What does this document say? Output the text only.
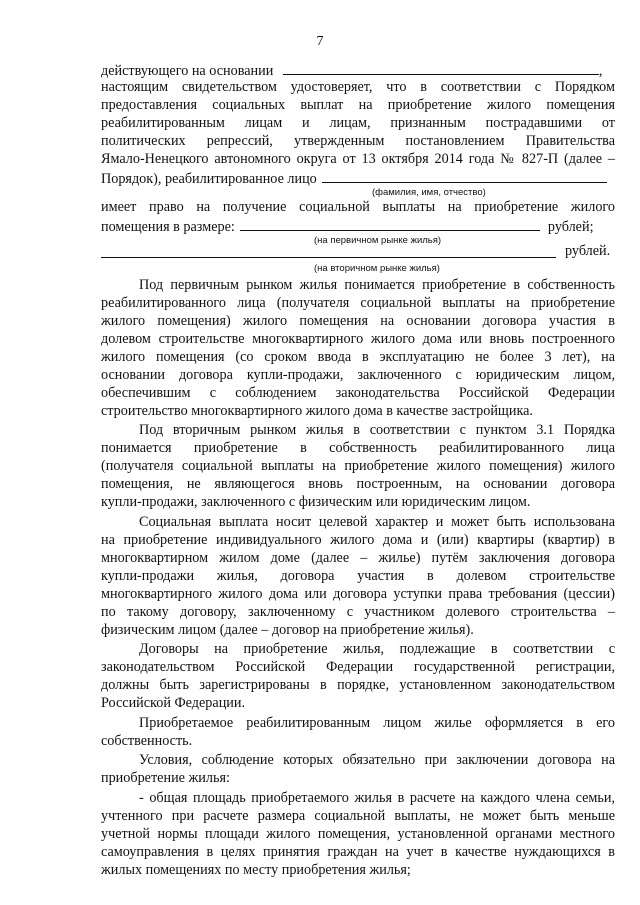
7
действующего на основании	,
настоящим свидетельством удостоверяет, что в соответствии с Порядком
предоставления социальных выплат на приобретение жилого помещения
реабилитированным лицам и лицам, признанным пострадавшими от
политических репрессий, утвержденным постановлением Правительства
Ямало-Ненецкого автономного округа от 13 октября 2014 года № 827-П (далее –
Порядок), реабилитированное лицо
(фамилия, имя, отчество)
имеет право на получение социальной выплаты на приобретение жилого
помещения в размере:	рублей;
(на первичном рынке жилья)
рублей.
(на вторичном рынке жилья)
Под первичным рынком жилья понимается приобретение в собственность
реабилитированного лица (получателя социальной выплаты на приобретение
жилого помещения) жилого помещения на основании договора участия в
долевом строительстве многоквартирного жилого дома или вновь построенного
жилого помещения (со сроком ввода в эксплуатацию не более 3 лет), на
основании договора купли-продажи, заключенного с юридическим лицом,
обеспечившим с соблюдением законодательства Российской Федерации
строительство многоквартирного жилого дома в качестве застройщика.
Под вторичным рынком жилья в соответствии с пунктом 3.1 Порядка
понимается приобретение в собственность реабилитированного лица
(получателя социальной выплаты на приобретение жилого помещения) жилого
помещения, не являющегося вновь построенным, на основании договора
купли-продажи, заключенного с физическим или юридическим лицом.
Социальная выплата носит целевой характер и может быть использована
на приобретение индивидуального жилого дома и (или) квартиры (квартир) в
многоквартирном жилом доме (далее – жилье) путём заключения договора
купли-продажи жилья, договора участия в долевом строительстве
многоквартирного жилого дома или договора уступки права требования (цессии)
по такому договору, заключенному с участником долевого строительства –
физическим лицом (далее – договор на приобретение жилья).
Договоры на приобретение жилья, подлежащие в соответствии с
законодательством Российской Федерации государственной регистрации,
должны быть зарегистрированы в порядке, установленном законодательством
Российской Федерации.
Приобретаемое реабилитированным лицом жилье оформляется в его
собственность.
Условия, соблюдение которых обязательно при заключении договора на
приобретение жилья:
- общая площадь приобретаемого жилья в расчете на каждого члена семьи,
учтенного при расчете размера социальной выплаты, не может быть меньше
учетной нормы площади жилого помещения, установленной органами местного
самоуправления в целях принятия граждан на учет в качестве нуждающихся в
жилых помещениях по месту приобретения жилья;
